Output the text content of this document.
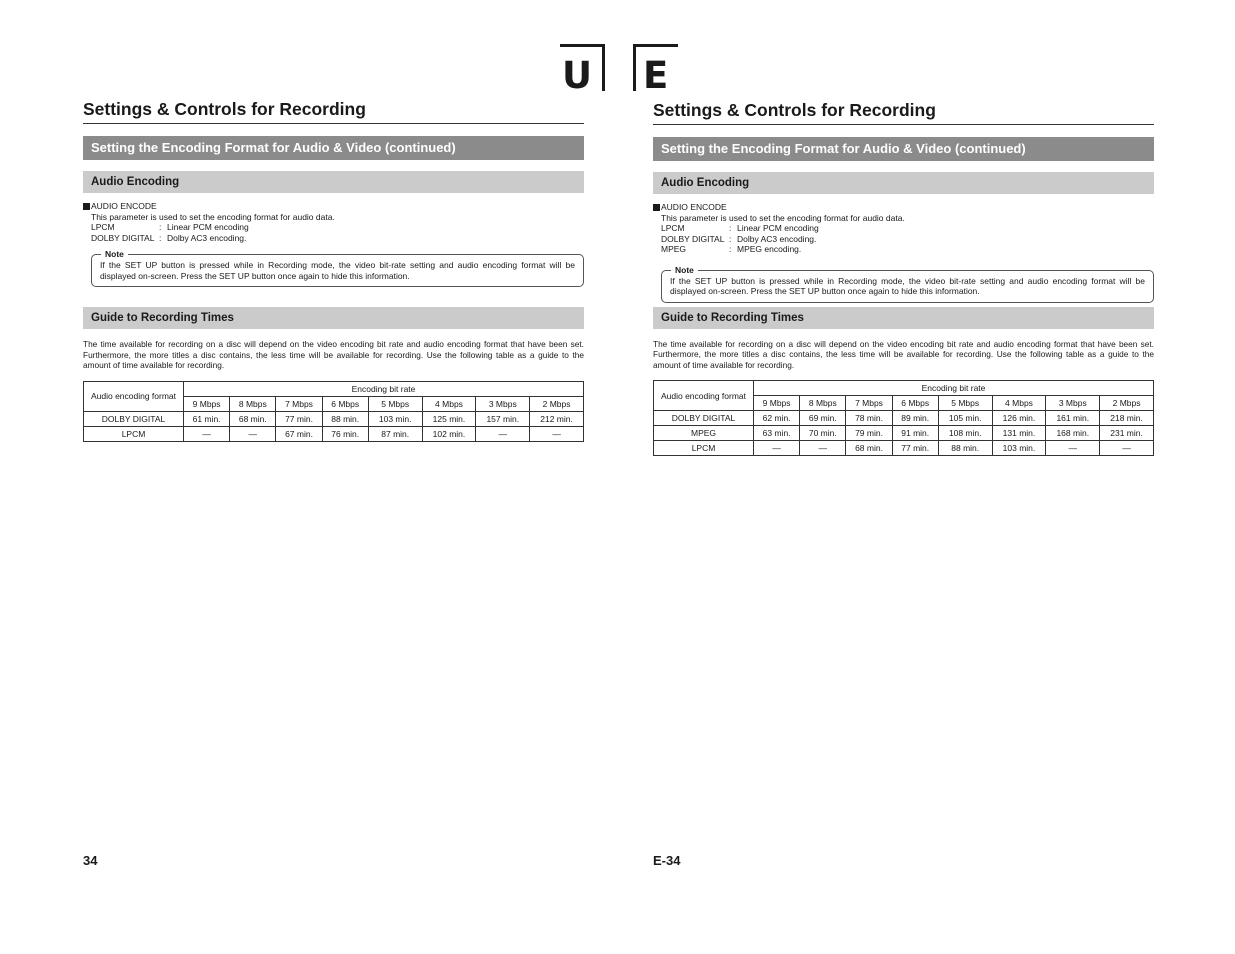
U E
Settings & Controls for Recording
Setting the Encoding Format for Audio & Video (continued)
Audio Encoding
AUDIO ENCODE
This parameter is used to set the encoding format for audio data.
LPCM	: Linear PCM encoding
DOLBY DIGITAL : Dolby AC3 encoding.
Note
If the SET UP button is pressed while in Recording mode, the video bit-rate setting and audio encoding format will be displayed on-screen. Press the SET UP button once again to hide this information.
Guide to Recording Times
The time available for recording on a disc will depend on the video encoding bit rate and audio encoding format that have been set. Furthermore, the more titles a disc contains, the less time will be available for recording. Use the following table as a guide to the amount of time available for recording.
Audio encoding format	Encoding bit rate							
	9 Mbps	8 Mbps	7 Mbps	6 Mbps	5 Mbps	4 Mbps	3 Mbps	2 Mbps
DOLBY DIGITAL	61 min.	68 min.	77 min.	88 min.	103 min.	125 min.	157 min.	212 min.
LPCM	—	—	67 min.	76 min.	87 min.	102 min.	—	—
34
Settings & Controls for Recording
Setting the Encoding Format for Audio & Video (continued)
Audio Encoding
AUDIO ENCODE
This parameter is used to set the encoding format for audio data.
LPCM	: Linear PCM encoding
DOLBY DIGITAL : Dolby AC3 encoding.
MPEG	: MPEG encoding.
Note
If the SET UP button is pressed while in Recording mode, the video bit-rate setting and audio encoding format will be displayed on-screen. Press the SET UP button once again to hide this information.
Guide to Recording Times
The time available for recording on a disc will depend on the video encoding bit rate and audio encoding format that have been set. Furthermore, the more titles a disc contains, the less time will be available for recording. Use the following table as a guide to the amount of time available for recording.
Audio encoding format	Encoding bit rate							
	9 Mbps	8 Mbps	7 Mbps	6 Mbps	5 Mbps	4 Mbps	3 Mbps	2 Mbps
DOLBY DIGITAL	62 min.	69 min.	78 min.	89 min.	105 min.	126 min.	161 min.	218 min.
MPEG	63 min.	70 min.	79 min.	91 min.	108 min.	131 min.	168 min.	231 min.
LPCM	—	—	68 min.	77 min.	88 min.	103 min.	—	—
E-34
